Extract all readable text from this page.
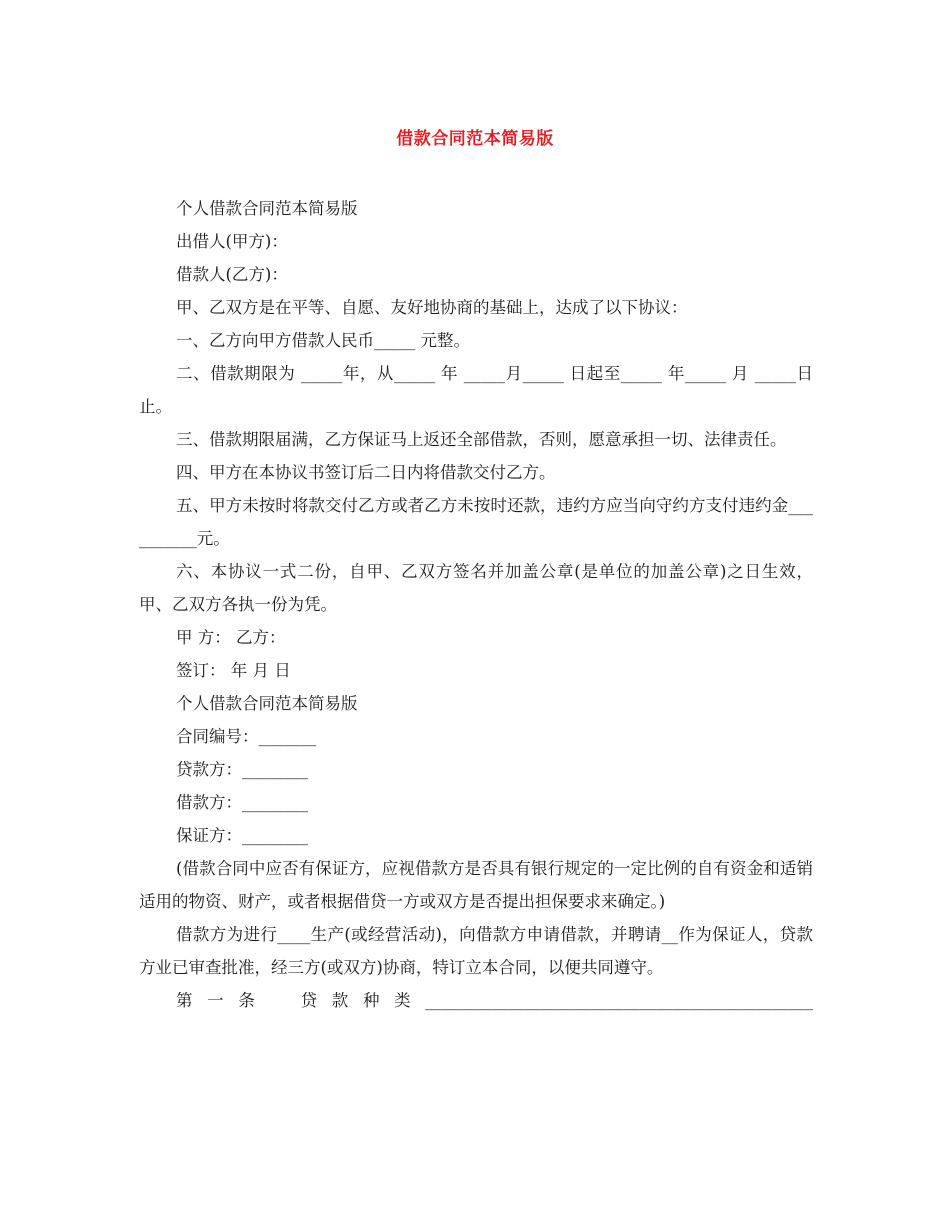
借款合同范本简易版

个人借款合同范本简易版

出借人(甲方)：

借款人(乙方)：

甲、乙双方是在平等、自愿、友好地协商的基础上，达成了以下协议：

一、乙方向甲方借款人民币_____ 元整。

二、借款期限为 _____年，从_____ 年 _____月_____ 日起至_____ 年_____ 月 _____日止。

三、借款期限届满，乙方保证马上返还全部借款，否则，愿意承担一切、法律责任。

四、甲方在本协议书签订后二日内将借款交付乙方。

五、甲方未按时将款交付乙方或者乙方未按时还款，违约方应当向守约方支付违约金__________元。

六、本协议一式二份，自甲、乙双方签名并加盖公章(是单位的加盖公章)之日生效，甲、乙双方各执一份为凭。

甲 方： 乙方：

签订： 年 月 日

个人借款合同范本简易版

合同编号：_______

贷款方：________

借款方：________

保证方：________

(借款合同中应否有保证方，应视借款方是否具有银行规定的一定比例的自有资金和适销适用的物资、财产，或者根据借贷一方或双方是否提出担保要求来确定。)

借款方为进行____生产(或经营活动)，向借款方申请借款，并聘请__作为保证人，贷款方业已审查批准，经三方(或双方)协商，特订立本合同，以便共同遵守。

第一条　贷款种类_______________________________________________
